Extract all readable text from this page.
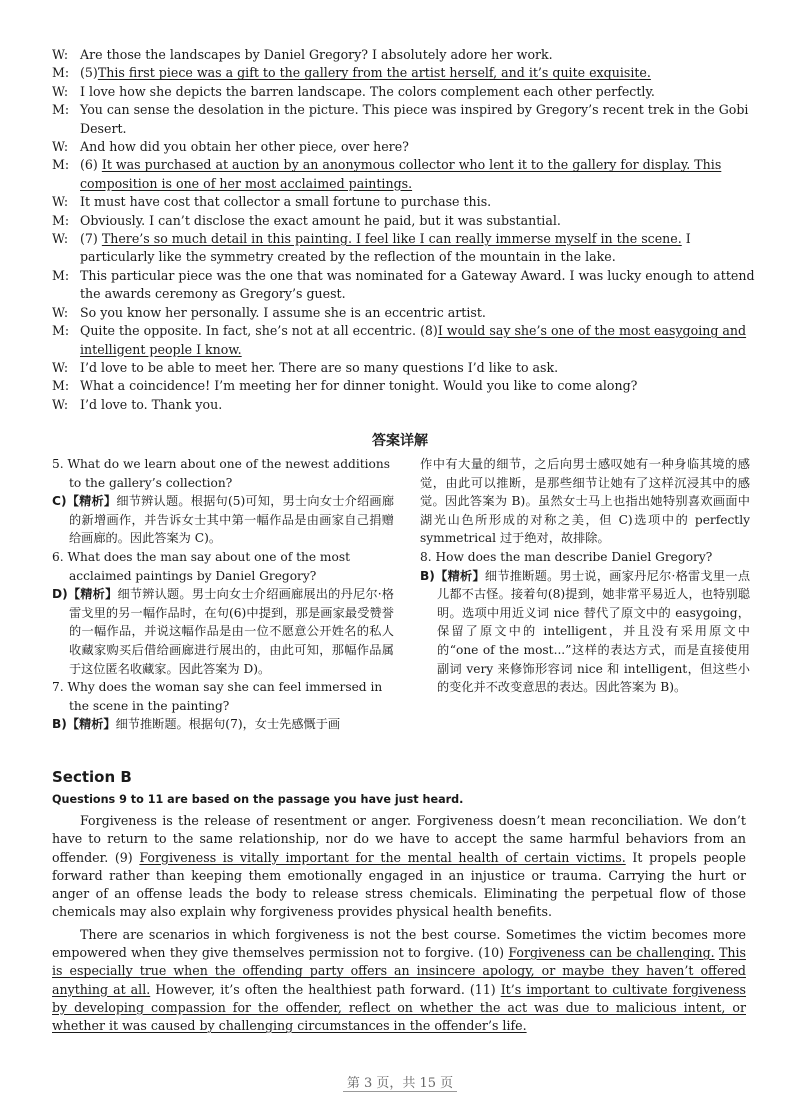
W: Are those the landscapes by Daniel Gregory? I absolutely adore her work.
M: (5)This first piece was a gift to the gallery from the artist herself, and it’s quite exquisite.
W: I love how she depicts the barren landscape. The colors complement each other perfectly.
M: You can sense the desolation in the picture. This piece was inspired by Gregory’s recent trek in the Gobi
Desert.
W: And how did you obtain her other piece, over here?
M: (6) It was purchased at auction by an anonymous collector who lent it to the gallery for display. This
composition is one of her most acclaimed paintings.
W: It must have cost that collector a small fortune to purchase this.
M: Obviously. I can’t disclose the exact amount he paid, but it was substantial.
W: (7) There’s so much detail in this painting. I feel like I can really immerse myself in the scene. I
particularly like the symmetry created by the reflection of the mountain in the lake.
M: This particular piece was the one that was nominated for a Gateway Award. I was lucky enough to attend
the awards ceremony as Gregory’s guest.
W: So you know her personally. I assume she is an eccentric artist.
M: Quite the opposite. In fact, she’s not at all eccentric. (8)I would say she’s one of the most easygoing and
intelligent people I know.
W: I’d love to be able to meet her. There are so many questions I’d like to ask.
M: What a coincidence! I’m meeting her for dinner tonight. Would you like to come along?
W: I’d love to. Thank you.
答案详解
5. What do we learn about one of the newest additions to the gallery’s collection?
C)【精析】细节辨认题。根据句(5)可知，男士向女士介绍画廊的新增画作，并告诉女士其中第一幅作品是由画家自己捐赠给画廊的。因此答案为 C)。
6. What does the man say about one of the most acclaimed paintings by Daniel Gregory?
D)【精析】细节辨认题。男士向女士介绍画廊展出的丹尼尔·格雷戈里的另一幅作品时，在句(6)中提到，那是画家最受赞誉的一幅作品，并说这幅作品是由一位不愿意公开姓名的私人收藏家购买后借给画廊进行展出的，由此可知，那幅作品属于这位匿名收藏家。因此答案为 D)。
7. Why does the woman say she can feel immersed in the scene in the painting?
B)【精析】细节推断题。根据句(7)，女士先感慨于画
作中有大量的细节，之后向男士感叹她有一种身临其境的感觉，由此可以推断，是那些细节让她有了这样沉浸其中的感觉。因此答案为 B)。虽然女士马上也指出她特别喜欢画面中湖光山色所形成的对称之美，但 C)选项中的 perfectly symmetrical 过于绝对，故排除。
8. How does the man describe Daniel Gregory?
B)【精析】细节推断题。男士说，画家丹尼尔·格雷戈里一点儿都不古怪。接着句(8)提到，她非常平易近人，也特别聪明。选项中用近义词 nice 替代了原文中的 easygoing，保留了原文中的 intelligent，并且没有采用原文中的“one of the most...”这样的表达方式，而是直接使用副词 very 来修饰形容词 nice 和 intelligent，但这些小的变化并不改变意思的表达。因此答案为 B)。
Section B
Questions 9 to 11 are based on the passage you have just heard.

Forgiveness is the release of resentment or anger. Forgiveness doesn’t mean reconciliation. We don’t have to return to the same relationship, nor do we have to accept the same harmful behaviors from an offender. (9) Forgiveness is vitally important for the mental health of certain victims. It propels people forward rather than keeping them emotionally engaged in an injustice or trauma. Carrying the hurt or anger of an offense leads the body to release stress chemicals. Eliminating the perpetual flow of those chemicals may also explain why forgiveness provides physical health benefits.

There are scenarios in which forgiveness is not the best course. Sometimes the victim becomes more empowered when they give themselves permission not to forgive. (10) Forgiveness can be challenging. This is especially true when the offending party offers an insincere apology, or maybe they haven’t offered anything at all. However, it’s often the healthiest path forward. (11) It’s important to cultivate forgiveness by developing compassion for the offender, reflect on whether the act was due to malicious intent, or whether it was caused by challenging circumstances in the offender’s life.

第 3 页，共 15 页
